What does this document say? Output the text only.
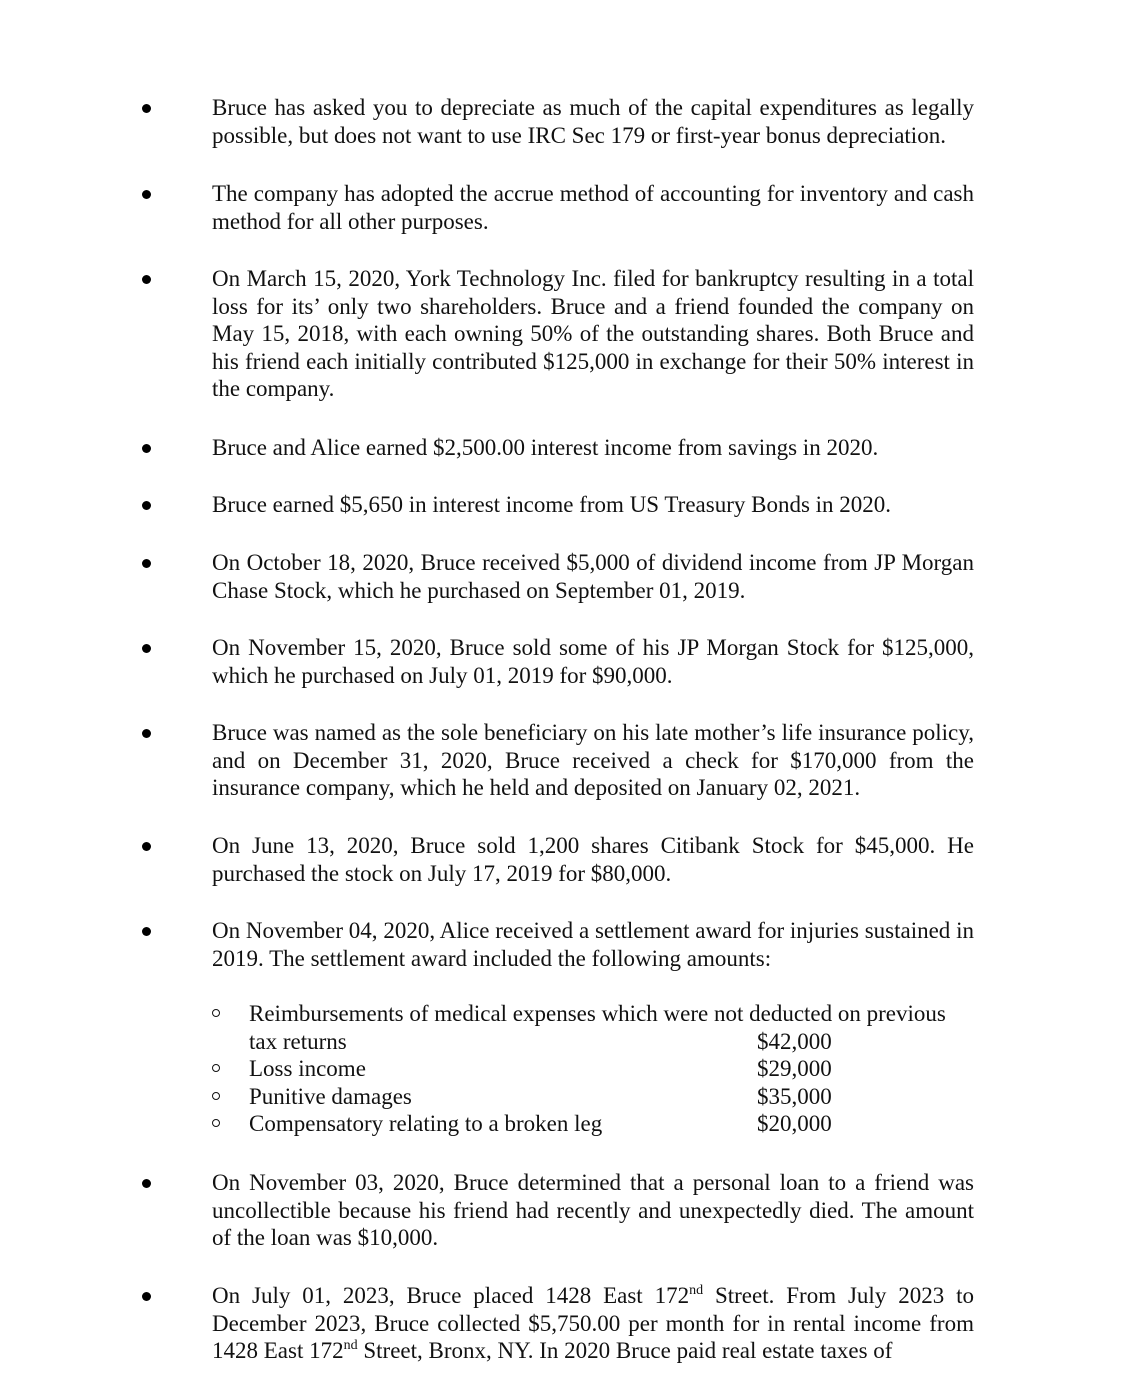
Bruce has asked you to depreciate as much of the capital expenditures as legally possible, but does not want to use IRC Sec 179 or first-year bonus depreciation.
The company has adopted the accrue method of accounting for inventory and cash method for all other purposes.
On March 15, 2020, York Technology Inc. filed for bankruptcy resulting in a total loss for its’ only two shareholders. Bruce and a friend founded the company on May 15, 2018, with each owning 50% of the outstanding shares. Both Bruce and his friend each initially contributed $125,000 in exchange for their 50% interest in the company.
Bruce and Alice earned $2,500.00 interest income from savings in 2020.
Bruce earned $5,650 in interest income from US Treasury Bonds in 2020.
On October 18, 2020, Bruce received $5,000 of dividend income from JP Morgan Chase Stock, which he purchased on September 01, 2019.
On November 15, 2020, Bruce sold some of his JP Morgan Stock for $125,000, which he purchased on July 01, 2019 for $90,000.
Bruce was named as the sole beneficiary on his late mother’s life insurance policy, and on December 31, 2020, Bruce received a check for $170,000 from the insurance company, which he held and deposited on January 02, 2021.
On June 13, 2020, Bruce sold 1,200 shares Citibank Stock for $45,000. He purchased the stock on July 17, 2019 for $80,000.
On November 04, 2020, Alice received a settlement award for injuries sustained in 2019. The settlement award included the following amounts:
Reimbursements of medical expenses which were not deducted on previous
tax returns	$42,000
Loss income	$29,000
Punitive damages	$35,000
Compensatory relating to a broken leg	$20,000
On November 03, 2020, Bruce determined that a personal loan to a friend was uncollectible because his friend had recently and unexpectedly died. The amount of the loan was $10,000.
On July 01, 2023, Bruce placed 1428 East 172nd Street. From July 2023 to December 2023, Bruce collected $5,750.00 per month for in rental income from 1428 East 172nd Street, Bronx, NY. In 2020 Bruce paid real estate taxes of
